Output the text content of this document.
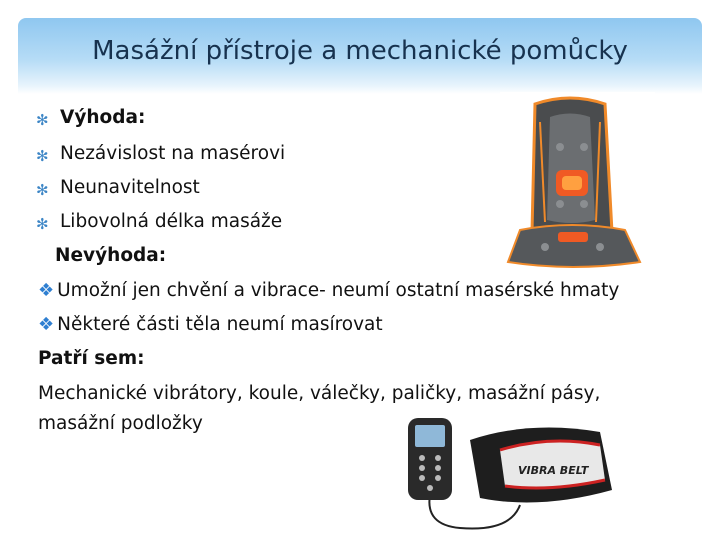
Masážní přístroje a mechanické pomůcky
✻ Výhoda:
✻ Nezávislost na masérovi
✻ Neunavitelnost
✻ Libovolná délka masáže
Nevýhoda:
❖ Umožní jen chvění a vibrace- neumí ostatní masérské hmaty
❖ Některé části těla neumí masírovat
Patří sem:
Mechanické vibrátory, koule, válečky, paličky, masážní pásy,
masážní podložky
VIBRA BELT
